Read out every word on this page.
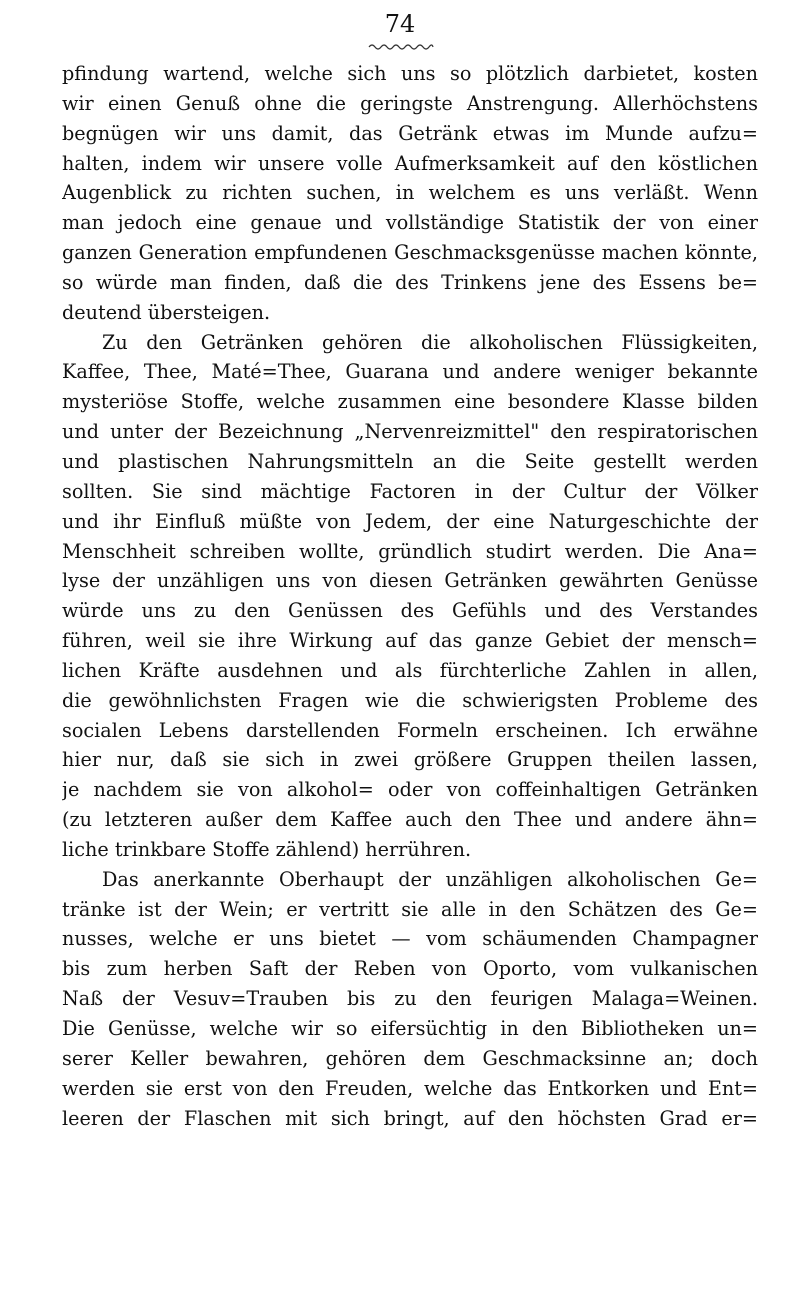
74
pfindung wartend, welche sich uns so plötzlich darbietet, kosten
wir einen Genuß ohne die geringste Anstrengung. Allerhöchstens
begnügen wir uns damit, das Getränk etwas im Munde aufzu=
halten, indem wir unsere volle Aufmerksamkeit auf den köstlichen
Augenblick zu richten suchen, in welchem es uns verläßt. Wenn
man jedoch eine genaue und vollständige Statistik der von einer
ganzen Generation empfundenen Geschmacksgenüsse machen könnte,
so würde man finden, daß die des Trinkens jene des Essens be=
deutend übersteigen.
Zu den Getränken gehören die alkoholischen Flüssigkeiten,
Kaffee, Thee, Maté=Thee, Guarana und andere weniger bekannte
mysteriöse Stoffe, welche zusammen eine besondere Klasse bilden
und unter der Bezeichnung „Nervenreizmittel" den respiratorischen
und plastischen Nahrungsmitteln an die Seite gestellt werden
sollten. Sie sind mächtige Factoren in der Cultur der Völker
und ihr Einfluß müßte von Jedem, der eine Naturgeschichte der
Menschheit schreiben wollte, gründlich studirt werden. Die Ana=
lyse der unzähligen uns von diesen Getränken gewährten Genüsse
würde uns zu den Genüssen des Gefühls und des Verstandes
führen, weil sie ihre Wirkung auf das ganze Gebiet der mensch=
lichen Kräfte ausdehnen und als fürchterliche Zahlen in allen,
die gewöhnlichsten Fragen wie die schwierigsten Probleme des
socialen Lebens darstellenden Formeln erscheinen. Ich erwähne
hier nur, daß sie sich in zwei größere Gruppen theilen lassen,
je nachdem sie von alkohol= oder von coffeinhaltigen Getränken
(zu letzteren außer dem Kaffee auch den Thee und andere ähn=
liche trinkbare Stoffe zählend) herrühren.
Das anerkannte Oberhaupt der unzähligen alkoholischen Ge=
tränke ist der Wein; er vertritt sie alle in den Schätzen des Ge=
nusses, welche er uns bietet — vom schäumenden Champagner
bis zum herben Saft der Reben von Oporto, vom vulkanischen
Naß der Vesuv=Trauben bis zu den feurigen Malaga=Weinen.
Die Genüsse, welche wir so eifersüchtig in den Bibliotheken un=
serer Keller bewahren, gehören dem Geschmacksinne an; doch
werden sie erst von den Freuden, welche das Entkorken und Ent=
leeren der Flaschen mit sich bringt, auf den höchsten Grad er=
